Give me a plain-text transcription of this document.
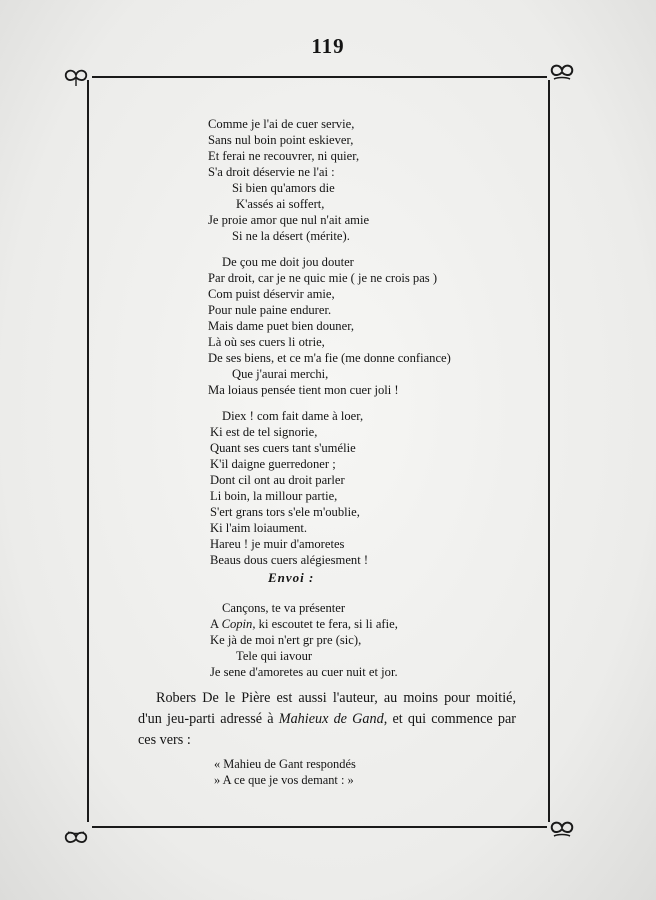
119
Comme je l'ai de cuer servie,
Sans nul boin point eskiever,
Et ferai ne recouvrer, ni quier,
S'a droit déservie ne l'ai :
Si bien qu'amors die
K'assés ai soffert,
Je proie amor que nul n'ait amie
Si ne la désert (mérite).
De çou me doit jou douter
Par droit, car je ne quic mie ( je ne crois pas )
Com puist déservir amie,
Pour nule paine endurer.
Mais dame puet bien douner,
Là où ses cuers li otrie,
De ses biens, et ce m'a fie (me donne confiance)
Que j'aurai merchi,
Ma loiaus pensée tient mon cuer joli !
Diex ! com fait dame à loer,
Ki est de tel signorie,
Quant ses cuers tant s'umélie
K'il daigne guerredoner ;
Dont cil ont au droit parler
Li boin, la millour partie,
S'ert grans tors s'ele m'oublie,
Ki l'aim loiaument.
Hareu ! je muir d'amoretes
Beaus dous cuers alégiesment !
Envoi :
Cançons, te va présenter
A Copin, ki escoutet te fera, si li afie,
Ke jà de moi n'ert gr pre (sic),
Tele qui iavour
Je sene d'amoretes au cuer nuit et jor.

Robers De le Pière est aussi l'auteur, au moins pour moitié, d'un jeu-parti adressé à Mahieux de Gand, et qui commence par ces vers :

« Mahieu de Gant respondés
» A ce que je vos demant : »
